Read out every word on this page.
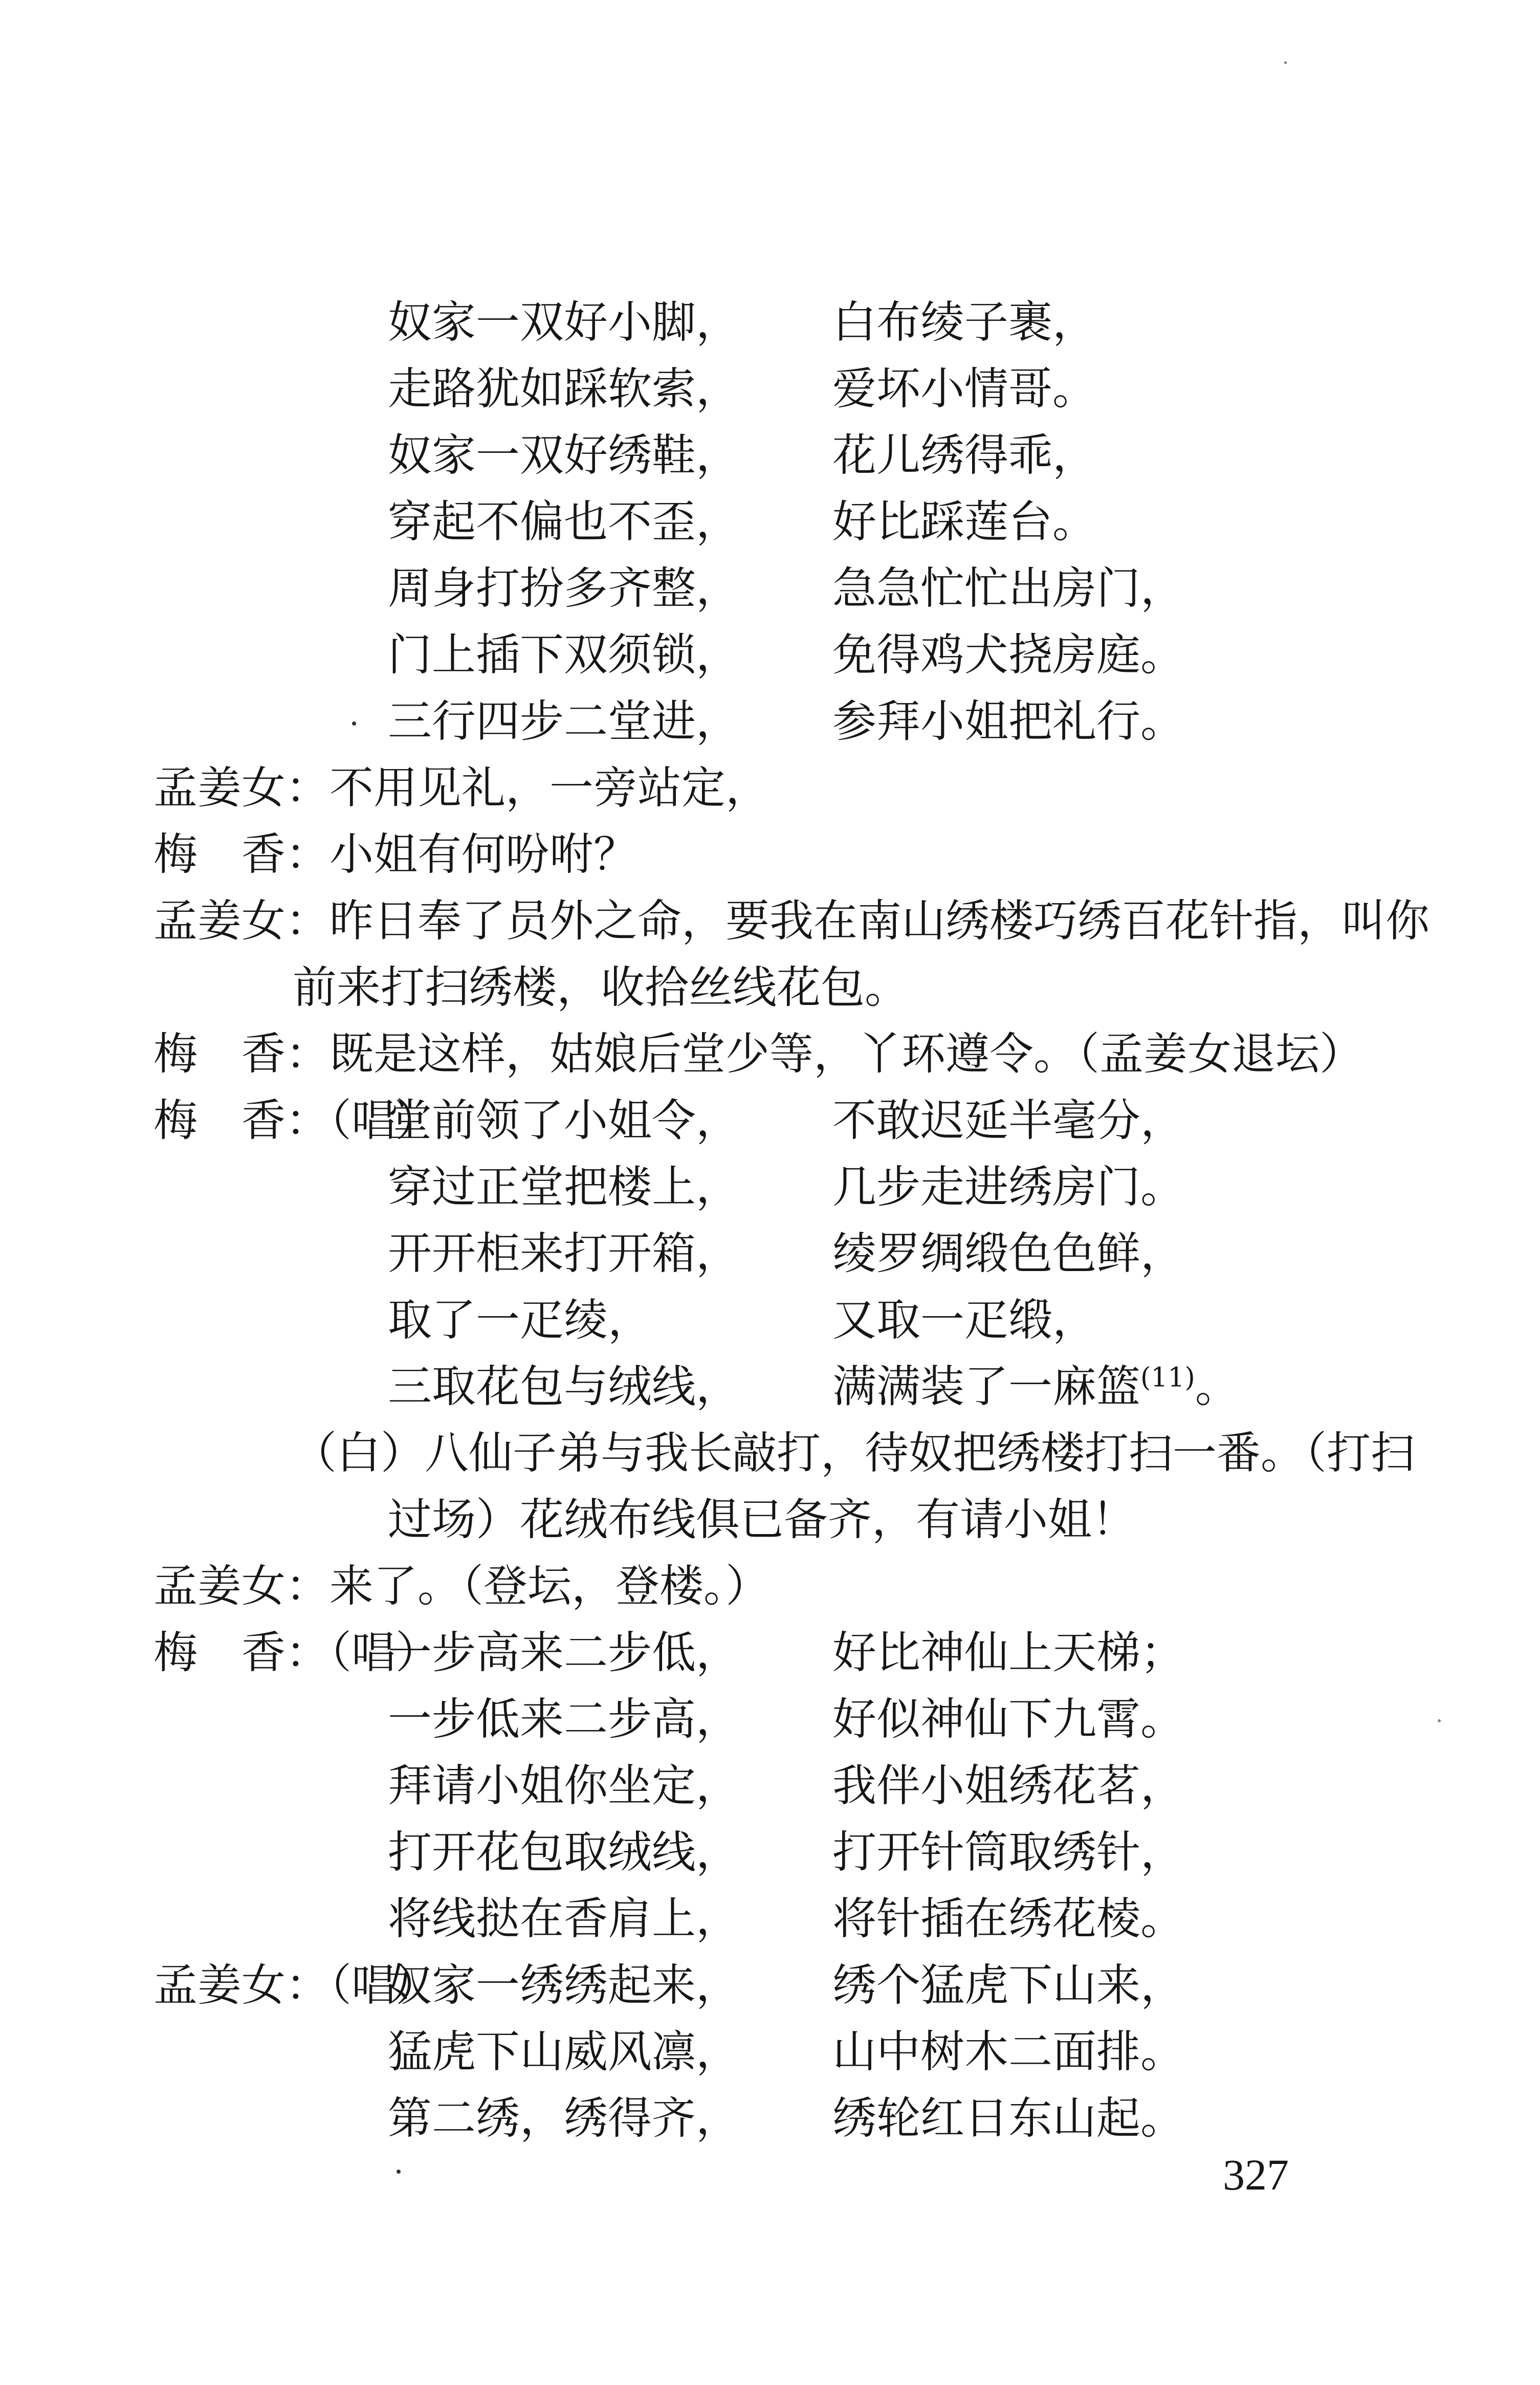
奴家一双好小脚， 白布绫子裹，
走路犹如踩软索， 爱坏小情哥。
奴家一双好绣鞋， 花儿绣得乖，
穿起不偏也不歪， 好比踩莲台。
周身打扮多齐整， 急急忙忙出房门，
门上插下双须锁， 免得鸡犬挠房庭。
三行四步二堂进， 参拜小姐把礼行。
孟姜女：不用见礼，一旁站定，
梅　香：小姐有何吩咐？
孟姜女：昨日奉了员外之命，要我在南山绣楼巧绣百花针指，叫你
前来打扫绣楼，收拾丝线花包。
梅　香：既是这样，姑娘后堂少等，丫环遵令。（孟姜女退坛）
梅　香：（唱）
堂前领了小姐令， 不敢迟延半毫分，
穿过正堂把楼上， 几步走进绣房门。
开开柜来打开箱， 绫罗绸缎色色鲜，
取了一疋绫，	又取一疋缎，
三取花包与绒线， 满满装了一麻篮$^{(11)}$。
（白）八仙子弟与我长敲打，待奴把绣楼打扫一番。（打扫
过场）花绒布线俱已备齐，有请小姐！
孟姜女：来了。（登坛，登楼。）
梅　香：（唱）
一步高来二步低， 好比神仙上天梯；
一步低来二步高， 好似神仙下九霄。
拜请小姐你坐定， 我伴小姐绣花茗，
打开花包取绒线， 打开针筒取绣针，
将线挞在香肩上， 将针插在绣花棱。
孟姜女：（唱）
奴家一绣绣起来， 绣个猛虎下山来，
猛虎下山威风凛， 山中树木二面排。
第二绣，绣得齐， 绣轮红日东山起。
327
